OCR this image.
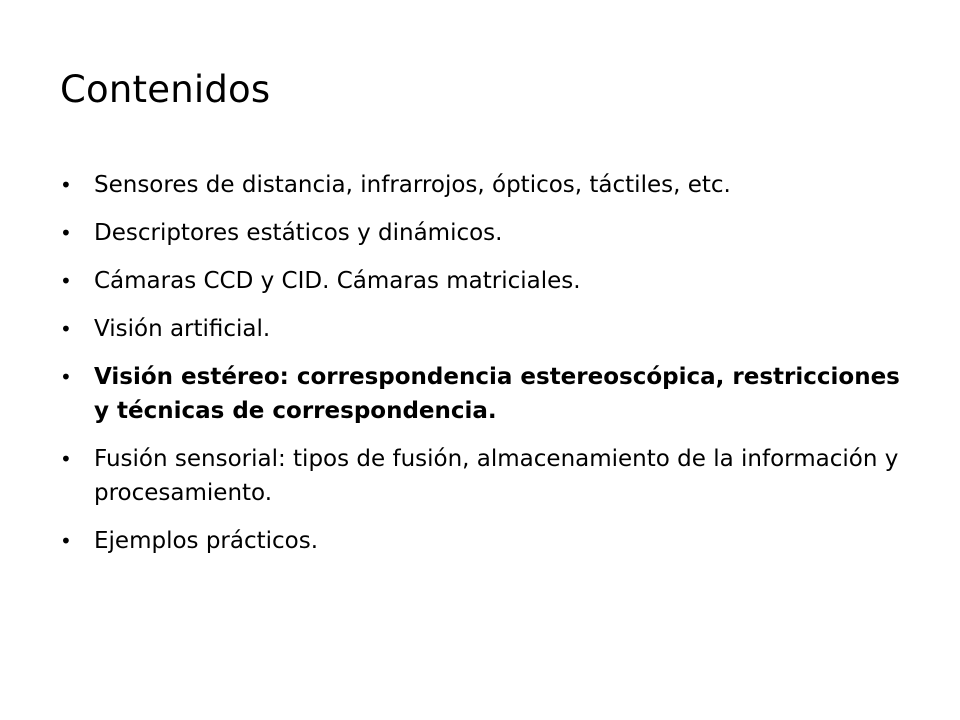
Contenidos
• Sensores de distancia, infrarrojos, ópticos, táctiles, etc.
• Descriptores estáticos y dinámicos.
• Cámaras CCD y CID. Cámaras matriciales.
• Visión artificial.
• Visión estéreo: correspondencia estereoscópica, restricciones y técnicas de correspondencia.
• Fusión sensorial: tipos de fusión, almacenamiento de la información y procesamiento.
• Ejemplos prácticos.
